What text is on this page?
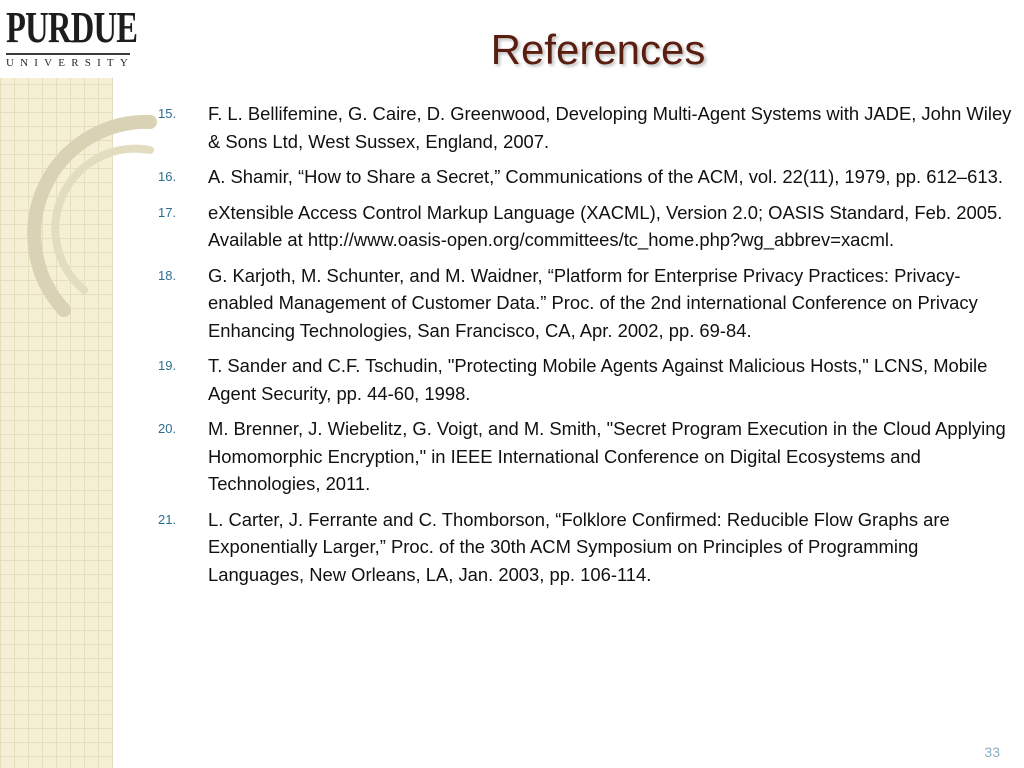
PURDUE
UNIVERSITY	References
15.	F. L. Bellifemine, G. Caire, D. Greenwood, Developing Multi-Agent Systems with JADE, John Wiley & Sons Ltd, West Sussex, England, 2007.
16.	A. Shamir, “How to Share a Secret,” Communications of the ACM, vol. 22(11), 1979, pp. 612–613.
17.	eXtensible Access Control Markup Language (XACML), Version 2.0; OASIS Standard, Feb. 2005. Available at http://www.oasis-open.org/committees/tc_home.php?wg_abbrev=xacml.
18.	G. Karjoth, M. Schunter, and M. Waidner, “Platform for Enterprise Privacy Practices: Privacy-enabled Management of Customer Data.” Proc. of the 2nd international Conference on Privacy Enhancing Technologies, San Francisco, CA, Apr. 2002, pp. 69-84.
19.	T. Sander and C.F. Tschudin, "Protecting Mobile Agents Against Malicious Hosts," LCNS, Mobile Agent Security, pp. 44-60, 1998.
20.	M. Brenner, J. Wiebelitz, G. Voigt, and M. Smith, "Secret Program Execution in the Cloud Applying Homomorphic Encryption," in IEEE International Conference on Digital Ecosystems and Technologies, 2011.
21.	L. Carter, J. Ferrante and C. Thomborson, “Folklore Confirmed: Reducible Flow Graphs are Exponentially Larger,” Proc. of the 30th ACM Symposium on Principles of Programming Languages, New Orleans, LA, Jan. 2003, pp. 106-114.
33
